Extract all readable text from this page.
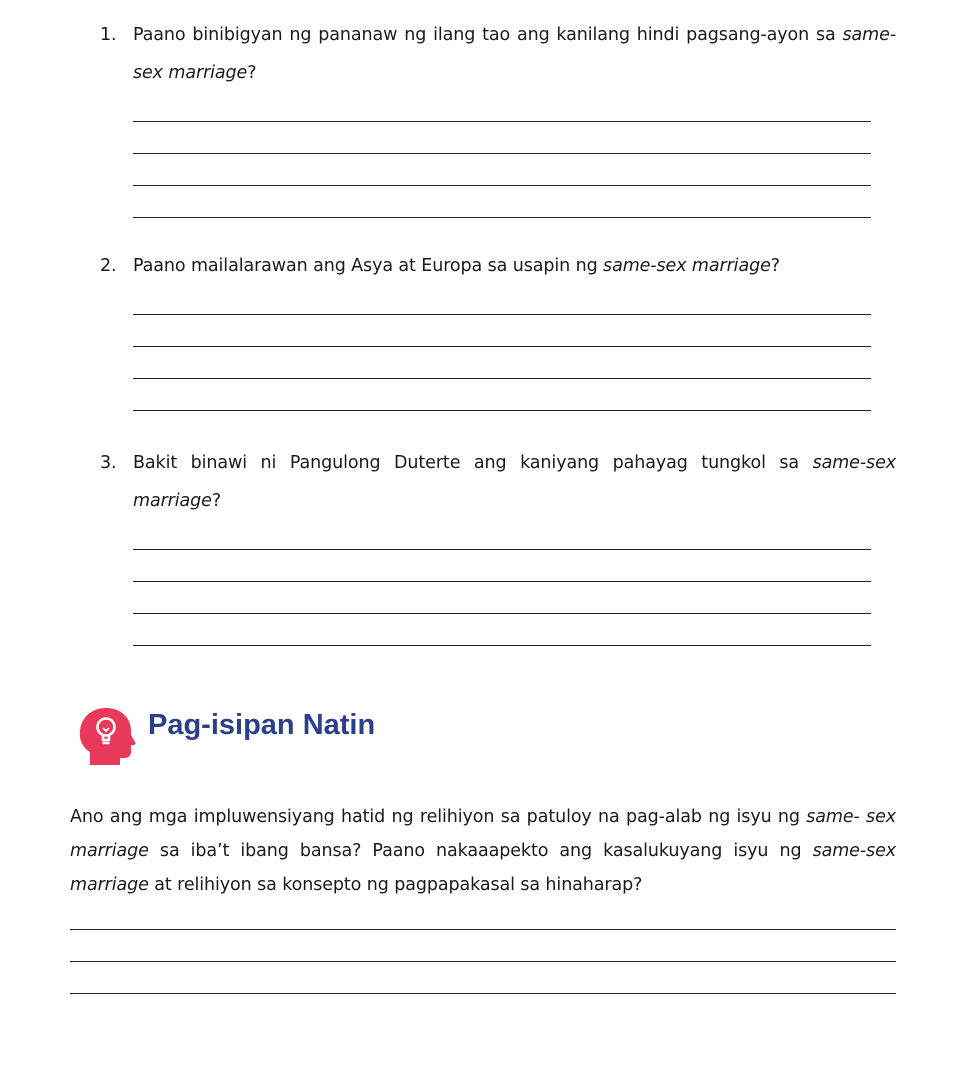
1. Paano binibigyan ng pananaw ng ilang tao ang kanilang hindi pagsang-ayon sa same-sex marriage?
2. Paano mailalarawan ang Asya at Europa sa usapin ng same-sex marriage?
3. Bakit binawi ni Pangulong Duterte ang kaniyang pahayag tungkol sa same-sex marriage?
Pag-isipan Natin
Ano ang mga impluwensiyang hatid ng relihiyon sa patuloy na pag-alab ng isyu ng same- sex marriage sa iba’t ibang bansa? Paano nakaaapekto ang kasalukuyang isyu ng same-sex marriage at relihiyon sa konsepto ng pagpapakasal sa hinaharap?
